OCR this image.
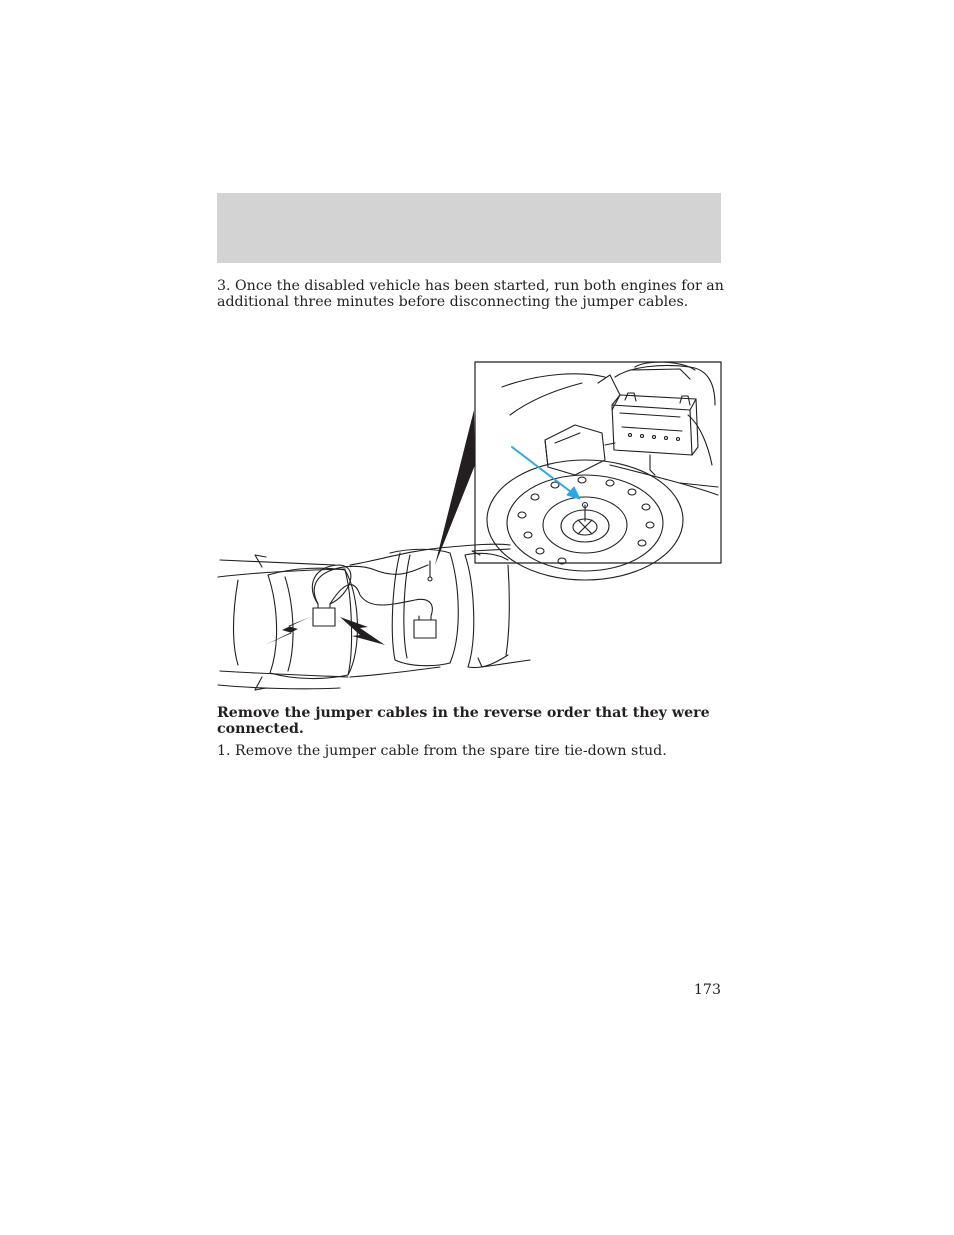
3. Once the disabled vehicle has been started, run both engines for an additional three minutes before disconnecting the jumper cables.

Remove the jumper cables in the reverse order that they were connected.

1. Remove the jumper cable from the spare tire tie-down stud.

173
